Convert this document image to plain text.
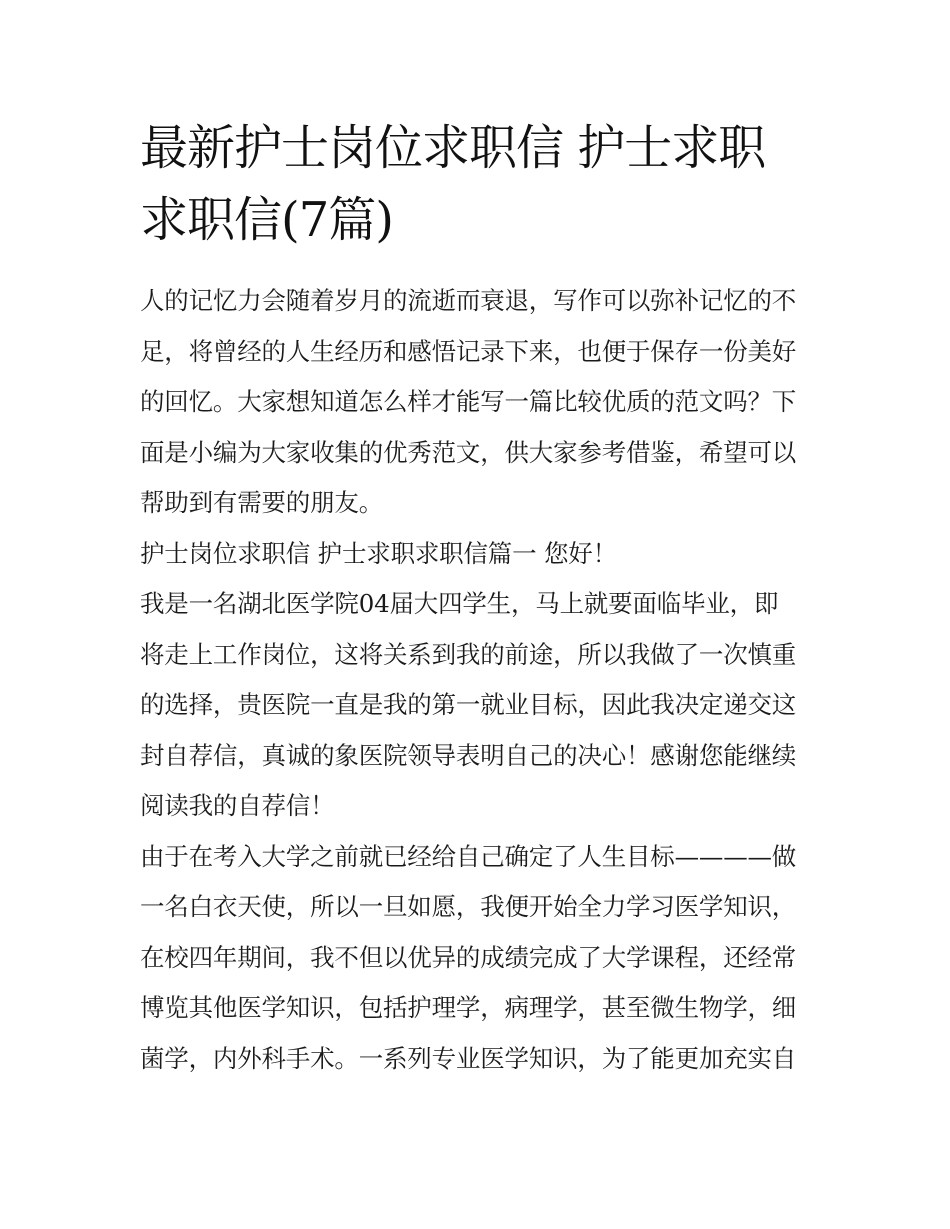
最新护士岗位求职信 护士求职
求职信(7篇)

人的记忆力会随着岁月的流逝而衰退，写作可以弥补记忆的不
足，将曾经的人生经历和感悟记录下来，也便于保存一份美好
的回忆。大家想知道怎么样才能写一篇比较优质的范文吗？下
面是小编为大家收集的优秀范文，供大家参考借鉴，希望可以
帮助到有需要的朋友。

护士岗位求职信 护士求职求职信篇一 您好！

我是一名湖北医学院04届大四学生，马上就要面临毕业，即
将走上工作岗位，这将关系到我的前途，所以我做了一次慎重
的选择，贵医院一直是我的第一就业目标，因此我决定递交这
封自荐信，真诚的象医院领导表明自己的决心！感谢您能继续
阅读我的自荐信！

由于在考入大学之前就已经给自己确定了人生目标————做
一名白衣天使，所以一旦如愿，我便开始全力学习医学知识，
在校四年期间，我不但以优异的成绩完成了大学课程，还经常
博览其他医学知识，包括护理学，病理学，甚至微生物学，细
菌学，内外科手术。一系列专业医学知识，为了能更加充实自
